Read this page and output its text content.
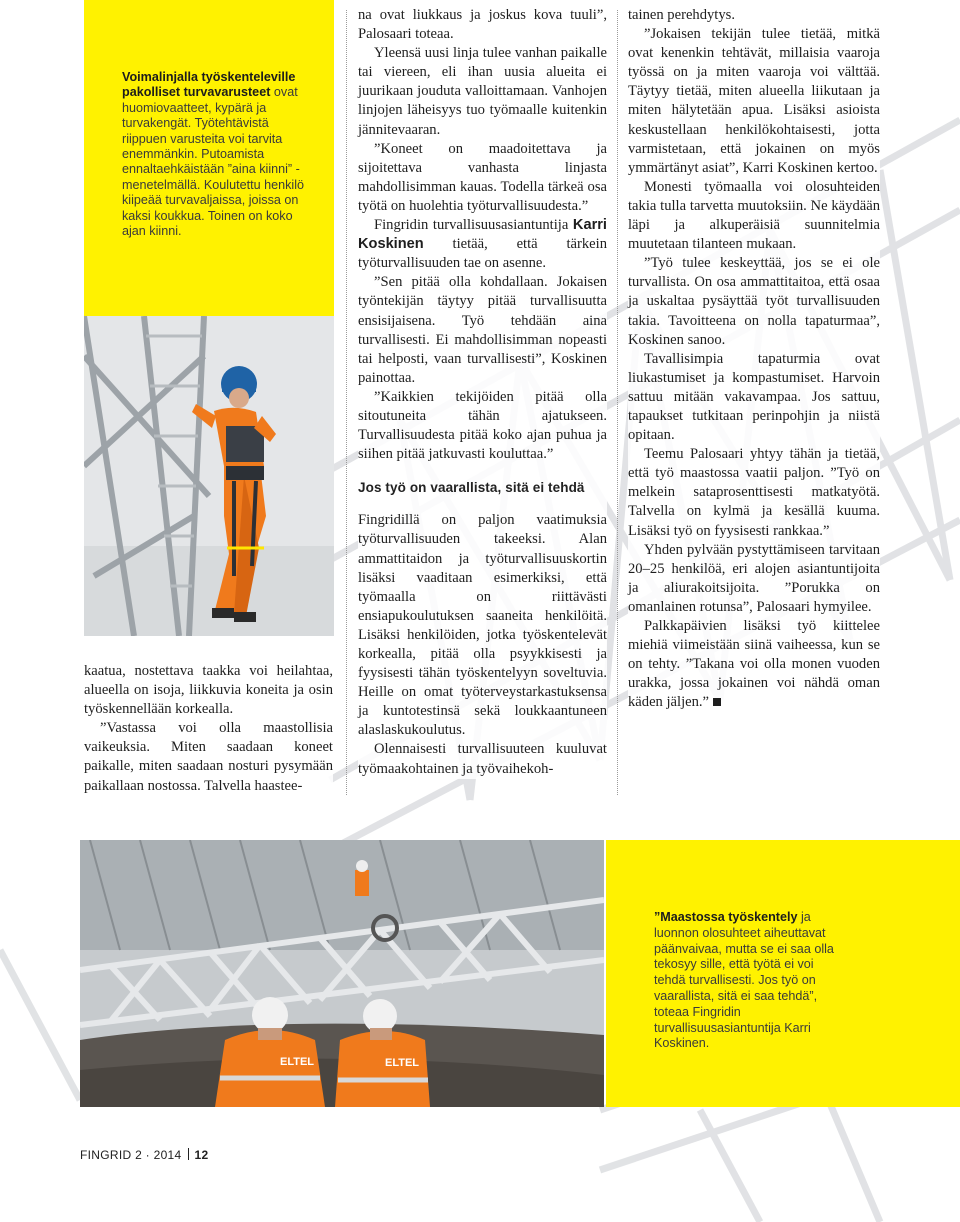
Voimalinjalla työskenteleville pakolliset turvavarusteet ovat huomiovaatteet, kypärä ja turvakengät. Työtehtävistä riippuen varusteita voi tarvita enemmänkin. Putoamista ennaltaehkäistään ”aina kiinni” -menetelmällä. Koulutettu henkilö kiipeää turvavaljaissa, joissa on kaksi koukkua. Toinen on koko ajan kiinni.

kaatua, nostettava taakka voi heilahtaa, alueella on isoja, liikkuvia koneita ja osin työskennellään korkealla.

”Vastassa voi olla maastollisia vaikeuksia. Miten saadaan koneet paikalle, miten saadaan nosturi pysymään paikallaan nostossa. Talvella haastee-

na ovat liukkaus ja joskus kova tuuli”, Palosaari toteaa.

Yleensä uusi linja tulee vanhan paikalle tai viereen, eli ihan uusia alueita ei juurikaan jouduta valloittamaan. Vanhojen linjojen läheisyys tuo työmaalle kuitenkin jännitevaaran.

”Koneet on maadoitettava ja sijoitettava vanhasta linjasta mahdollisimman kauas. Todella tärkeä osa työtä on huolehtia työturvallisuudesta.”

Fingridin turvallisuusasiantuntija Karri Koskinen tietää, että tärkein työturvallisuuden tae on asenne.

”Sen pitää olla kohdallaan. Jokaisen työntekijän täytyy pitää turvallisuutta ensisijaisena. Työ tehdään aina turvallisesti. Ei mahdollisimman nopeasti tai helposti, vaan turvallisesti”, Koskinen painottaa.

”Kaikkien tekijöiden pitää olla sitoutuneita tähän ajatukseen. Turvallisuudesta pitää koko ajan puhua ja siihen pitää jatkuvasti kouluttaa.”

Jos työ on vaarallista, sitä ei tehdä

Fingridillä on paljon vaatimuksia työturvallisuuden takeeksi. Alan ammattitaidon ja työturvallisuuskortin lisäksi vaaditaan esimerkiksi, että työmaalla on riittävästi ensiapukoulutuksen saaneita henkilöitä. Lisäksi henkilöiden, jotka työskentelevät korkealla, pitää olla psyykkisesti ja fyysisesti tähän työskentelyyn soveltuvia. Heille on omat työterveystarkastuksensa ja kuntotestinsä sekä loukkaantuneen alaslaskukoulutus.

Olennaisesti turvallisuuteen kuuluvat työmaakohtainen ja työvaihekoh-

tainen perehdytys.

”Jokaisen tekijän tulee tietää, mitkä ovat kenenkin tehtävät, millaisia vaaroja työssä on ja miten vaaroja voi välttää. Täytyy tietää, miten alueella liikutaan ja miten hälytetään apua. Lisäksi asioista keskustellaan henkilökohtaisesti, jotta varmistetaan, että jokainen on myös ymmärtänyt asiat”, Karri Koskinen kertoo.

Monesti työmaalla voi olosuhteiden takia tulla tarvetta muutoksiin. Ne käydään läpi ja alkuperäisiä suunnitelmia muutetaan tilanteen mukaan.

”Työ tulee keskeyttää, jos se ei ole turvallista. On osa ammattitaitoa, että osaa ja uskaltaa pysäyttää työt turvallisuuden takia. Tavoitteena on nolla tapaturmaa”, Koskinen sanoo.

Tavallisimpia tapaturmia ovat liukastumiset ja kompastumiset. Harvoin sattuu mitään vakavampaa. Jos sattuu, tapaukset tutkitaan perinpohjin ja niistä opitaan.

Teemu Palosaari yhtyy tähän ja tietää, että työ maastossa vaatii paljon. ”Työ on melkein sataprosenttisesti matkatyötä. Talvella on kylmä ja kesällä kuuma. Lisäksi työ on fyysisesti rankkaa.”

Yhden pylvään pystyttämiseen tarvitaan 20–25 henkilöä, eri alojen asiantuntijoita ja aliurakoitsijoita. ”Porukka on omanlainen rotunsa”, Palosaari hymyilee.

Palkkapäivien lisäksi työ kiittelee miehiä viimeistään siinä vaiheessa, kun se on tehty. ”Takana voi olla monen vuoden urakka, jossa jokainen voi nähdä oman käden jäljen.”

ELTEL	ELTEL

”Maastossa työskentely ja luonnon olosuhteet aiheuttavat päänvaivaa, mutta se ei saa olla tekosyy sille, että työtä ei voi tehdä turvallisesti. Jos työ on vaarallista, sitä ei saa tehdä”, toteaa Fingridin turvallisuusasiantuntija Karri Koskinen.

FINGRID 2 · 2014 12
